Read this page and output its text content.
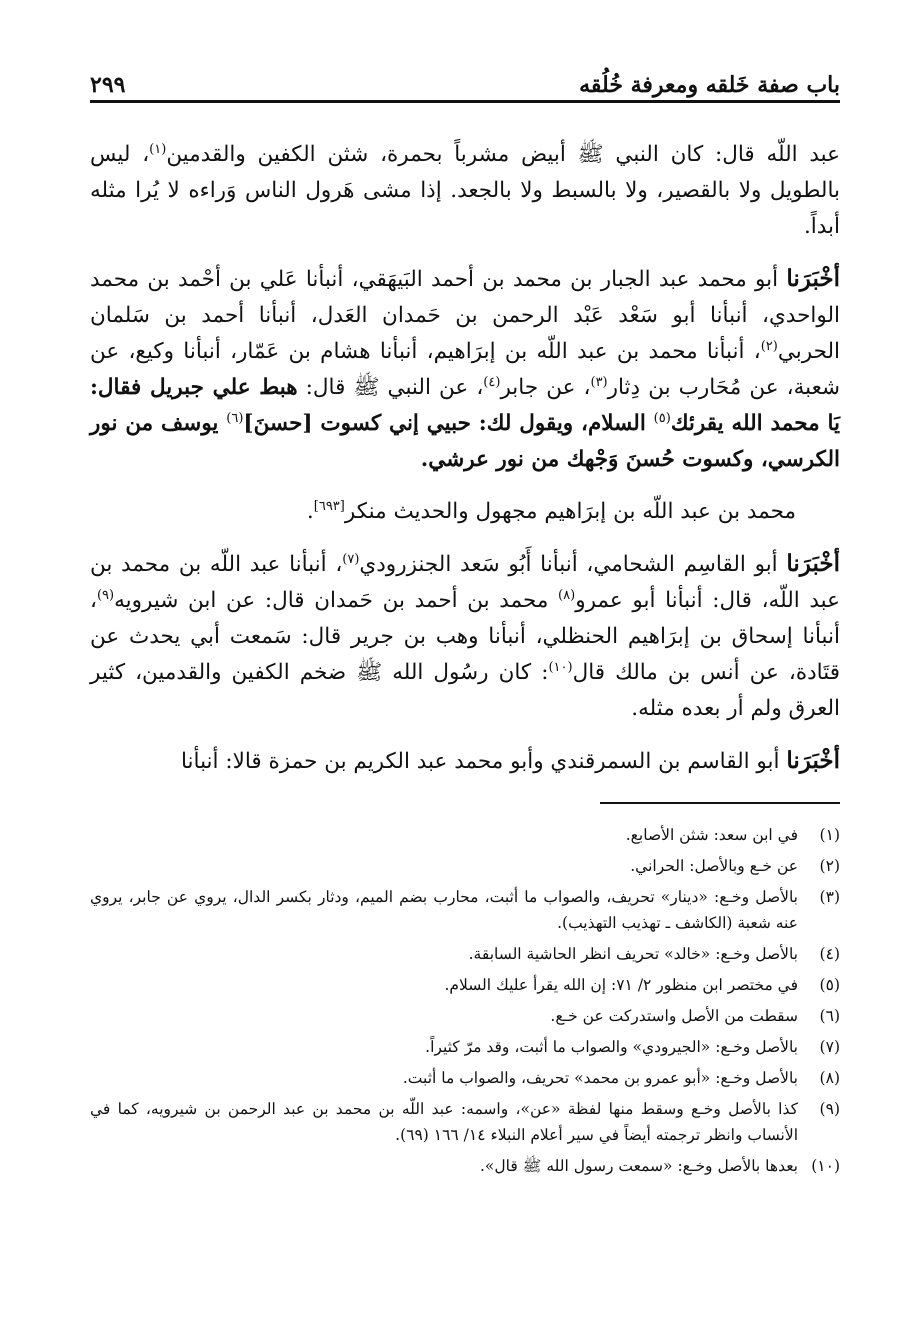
باب صفة خَلقه ومعرفة خُلُقه
٢٩٩

عبد اللّه قال: كان النبي ﷺ أبيض مشرباً بحمرة، شثن الكفين والقدمين$^{(١)}$، ليس بالطويل ولا بالقصير، ولا بالسبط ولا بالجعد. إذا مشى هَرول الناس وَراءه لا يُرا مثله أبداً.

أخْبَرَنا أبو محمد عبد الجبار بن محمد بن أحمد البَيهَقي، أنبأنا عَلي بن أحْمد بن محمد الواحدي، أنبأنا أبو سَعْد عَبْد الرحمن بن حَمدان العَدل، أنبأنا أحمد بن سَلمان الحربي$^{(٢)}$، أنبأنا محمد بن عبد اللّه بن إبرَاهيم، أنبأنا هشام بن عَمّار، أنبأنا وكيع، عن شعبة، عن مُحَارب بن دِثار$^{(٣)}$، عن جابر$^{(٤)}$، عن النبي ﷺ قال: هبط علي جبريل فقال: يَا محمد الله يقرئك$^{(٥)}$ السلام، ويقول لك: حبيي إني كسوت [حسنَ]$^{(٦)}$ يوسف من نور الكرسي، وكسوت حُسنَ وَجْهك من نور عرشي.

محمد بن عبد اللّه بن إبرَاهيم مجهول والحديث منكر[٦٩٣].

أخْبَرَنا أبو القاسِم الشحامي، أنبأنا أَبُو سَعد الجنزرودي$^{(٧)}$، أنبأنا عبد اللّه بن محمد بن عبد اللّه، قال: أنبأنا أبو عمرو$^{(٨)}$ محمد بن أحمد بن حَمدان قال: عن ابن شيرويه$^{(٩)}$، أنبأنا إسحاق بن إبرَاهيم الحنظلي، أنبأنا وهب بن جرير قال: سَمعت أبي يحدث عن قتَادة، عن أنس بن مالك قال$^{(١٠)}$: كان رسُول الله ﷺ ضخم الكفين والقدمين، كثير العرق ولم أر بعده مثله.

أخْبَرَنا أبو القاسم بن السمرقندي وأبو محمد عبد الكريم بن حمزة قالا: أنبأنا

(١)
في ابن سعد: شثن الأصابع.
(٢)
عن خـع وبالأصل: الحراني.
(٣)
بالأصل وخـع: «دينار» تحريف، والصواب ما أثبت، محارب بضم الميم، ودثار بكسر الدال، يروي عن جابر، يروي عنه شعبة (الكاشف ـ تهذيب التهذيب).
(٤)
بالأصل وخـع: «خالد» تحريف انظر الحاشية السابقة.
(٥)
في مختصر ابن منظور ٢/ ٧١: إن الله يقرأ عليك السلام.
(٦)
سقطت من الأصل واستدركت عن خـع.
(٧)
بالأصل وخـع: «الجيرودي» والصواب ما أثبت، وقد مرّ كثيراً.
(٨)
بالأصل وخـع: «أبو عمرو بن محمد» تحريف، والصواب ما أثبت.
(٩)
كذا بالأصل وخـع وسقط منها لفظة «عن»، واسمه: عبد اللّه بن محمد بن عبد الرحمن بن شيرويه، كما في الأنساب وانظر ترجمته أيضاً في سير أعلام النبلاء ١٤/ ١٦٦ (٦٩).
(١٠)
بعدها بالأصل وخـع: «سمعت رسول الله ﷺ قال».
